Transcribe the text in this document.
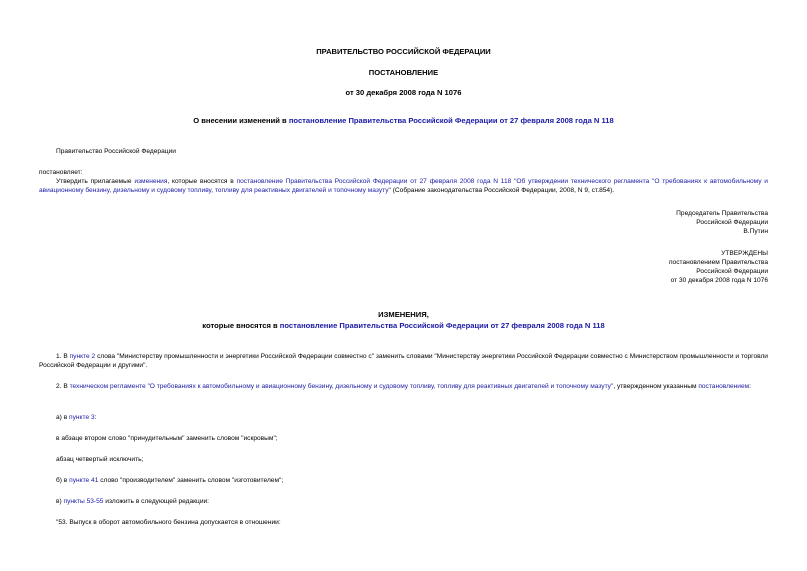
ПРАВИТЕЛЬСТВО РОССИЙСКОЙ ФЕДЕРАЦИИ
ПОСТАНОВЛЕНИЕ
от 30 декабря 2008 года N 1076
О внесении изменений в постановление Правительства Российской Федерации от 27 февраля 2008 года N 118
Правительство Российской Федерации
постановляет:
Утвердить прилагаемые изменения, которые вносятся в постановление Правительства Российской Федерации от 27 февраля 2008 года N 118 "Об утверждении технического регламента "О требованиях к автомобильному и авиационному бензину, дизельному и судовому топливу, топливу для реактивных двигателей и топочному мазуту" (Собрание законодательства Российской Федерации, 2008, N 9, ст.854).
Председатель Правительства
Российской Федерации
В.Путин
УТВЕРЖДЕНЫ
постановлением Правительства
Российской Федерации
от 30 декабря 2008 года N 1076
ИЗМЕНЕНИЯ,
которые вносятся в постановление Правительства Российской Федерации от 27 февраля 2008 года N 118
1. В пункте 2 слова "Министерству промышленности и энергетики Российской Федерации совместно с" заменить словами "Министерству энергетики Российской Федерации совместно с Министерством промышленности и торговли Российской Федерации и другими".
2. В техническом регламенте "О требованиях к автомобильному и авиационному бензину, дизельному и судовому топливу, топливу для реактивных двигателей и топочному мазуту", утвержденном указанным постановлением:
а) в пункте 3:
в абзаце втором слово "принудительным" заменить словом "искровым";
абзац четвертый исключить;
б) в пункте 41 слово "производителем" заменить словом "изготовителем";
в) пункты 53-55 изложить в следующей редакции:
"53. Выпуск в оборот автомобильного бензина допускается в отношении:
